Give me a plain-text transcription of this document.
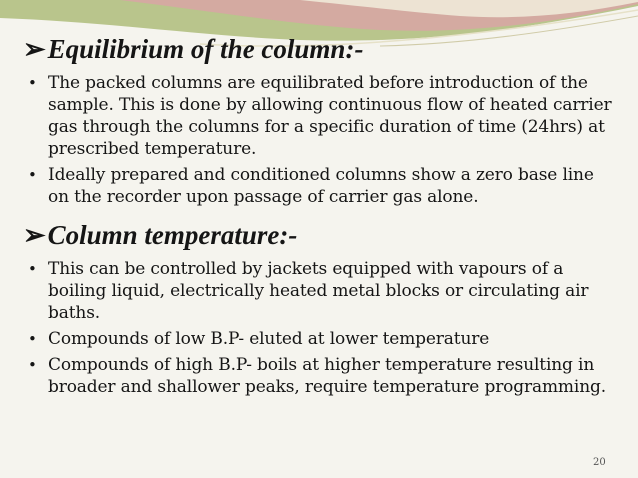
➢Equilibrium of the column:-
• The packed columns are equilibrated before introduction of the sample. This is done by allowing continuous flow of heated carrier gas through the columns for a specific duration of time (24hrs) at prescribed temperature.
• Ideally prepared and conditioned columns show a zero base line on the recorder upon passage of carrier gas alone.
➢Column temperature:-
• This can be controlled by jackets equipped with vapours of a boiling liquid, electrically heated metal blocks or circulating air baths.
• Compounds of low B.P- eluted at lower temperature
• Compounds of high B.P- boils at higher temperature resulting in broader and shallower peaks, require temperature programming.
20
